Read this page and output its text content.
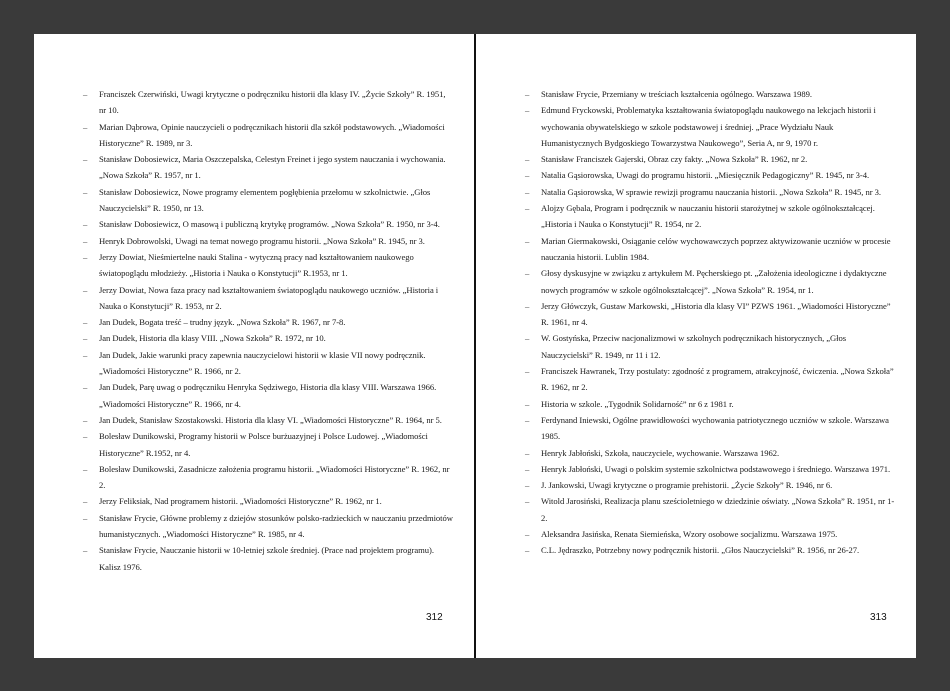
– Franciszek Czerwiński, Uwagi krytyczne o podręczniku historii dla klasy IV. „Życie Szkoły” R. 1951, nr 10.
– Marian Dąbrowa, Opinie nauczycieli o podręcznikach historii dla szkół podstawowych. „Wiadomości Historyczne” R. 1989, nr 3.
– Stanisław Dobosiewicz, Maria Oszczepalska, Celestyn Freinet i jego system nauczania i wychowania. „Nowa Szkoła” R. 1957, nr 1.
– Stanisław Dobosiewicz, Nowe programy elementem pogłębienia przełomu w szkolnictwie. „Głos Nauczycielski” R. 1950, nr 13.
– Stanisław Dobosiewicz, O masową i publiczną krytykę programów. „Nowa Szkoła” R. 1950, nr 3-4.
– Henryk Dobrowolski, Uwagi na temat nowego programu historii. „Nowa Szkoła” R. 1945, nr 3.
– Jerzy Dowiat, Nieśmiertelne nauki Stalina - wytyczną pracy nad kształtowaniem naukowego światopoglądu młodzieży. „Historia i Nauka o Konstytucji” R.1953, nr 1.
– Jerzy Dowiat, Nowa faza pracy nad kształtowaniem światopoglądu naukowego uczniów. „Historia i Nauka o Konstytucji” R. 1953, nr 2.
– Jan Dudek, Bogata treść – trudny język. „Nowa Szkoła” R. 1967, nr 7-8.
– Jan Dudek, Historia dla klasy VIII. „Nowa Szkoła” R. 1972, nr 10.
– Jan Dudek, Jakie warunki pracy zapewnia nauczycielowi historii w klasie VII nowy podręcznik. „Wiadomości Historyczne” R. 1966, nr 2.
– Jan Dudek, Parę uwag o podręczniku Henryka Sędziwego, Historia dla klasy VIII. Warszawa 1966. „Wiadomości Historyczne” R. 1966, nr 4.
– Jan Dudek, Stanisław Szostakowski. Historia dla klasy VI. „Wiadomości Historyczne” R. 1964, nr 5.
– Bolesław Dunikowski, Programy historii w Polsce burżuazyjnej i Polsce Ludowej. „Wiadomości Historyczne” R.1952, nr 4.
– Bolesław Dunikowski, Zasadnicze założenia programu historii. „Wiadomości Historyczne” R. 1962, nr 2.
– Jerzy Feliksiak, Nad programem historii. „Wiadomości Historyczne” R. 1962, nr 1.
– Stanisław Frycie, Główne problemy z dziejów stosunków polsko-radzieckich w nauczaniu przedmiotów humanistycznych. „Wiadomości Historyczne” R. 1985, nr 4.
– Stanisław Frycie, Nauczanie historii w 10-letniej szkole średniej. (Prace nad projektem programu). Kalisz 1976.
312
– Stanisław Frycie, Przemiany w treściach kształcenia ogólnego. Warszawa 1989.
– Edmund Fryckowski, Problematyka kształtowania światopoglądu naukowego na lekcjach historii i wychowania obywatelskiego w szkole podstawowej i średniej. „Prace Wydziału Nauk Humanistycznych Bydgoskiego Towarzystwa Naukowego”, Seria A, nr 9, 1970 r.
– Stanisław Franciszek Gajerski, Obraz czy fakty. „Nowa Szkoła” R. 1962, nr 2.
– Natalia Gąsiorowska, Uwagi do programu historii. „Miesięcznik Pedagogiczny” R. 1945, nr 3-4.
– Natalia Gąsiorowska, W sprawie rewizji programu nauczania historii. „Nowa Szkoła” R. 1945, nr 3.
– Alojzy Gębala, Program i podręcznik w nauczaniu historii starożytnej w szkole ogólnokształcącej. „Historia i Nauka o Konstytucji” R. 1954, nr 2.
– Marian Giermakowski, Osiąganie celów wychowawczych poprzez aktywizowanie uczniów w procesie nauczania historii. Lublin 1984.
– Głosy dyskusyjne w związku z artykułem M. Pęcherskiego pt. „Założenia ideologiczne i dydaktyczne nowych programów w szkole ogólnokształcącej”. „Nowa Szkoła” R. 1954, nr 1.
– Jerzy Główczyk, Gustaw Markowski, „Historia dla klasy VI” PZWS 1961. „Wiadomości Historyczne” R. 1961, nr 4.
– W. Gostyńska, Przeciw nacjonalizmowi w szkolnych podręcznikach historycznych, „Głos Nauczycielski” R. 1949, nr 11 i 12.
– Franciszek Hawranek, Trzy postulaty: zgodność z programem, atrakcyjność, ćwiczenia. „Nowa Szkoła” R. 1962, nr 2.
– Historia w szkole. „Tygodnik Solidarność” nr 6 z 1981 r.
– Ferdynand Iniewski, Ogólne prawidłowości wychowania patriotycznego uczniów w szkole. Warszawa 1985.
– Henryk Jabłoński, Szkoła, nauczyciele, wychowanie. Warszawa 1962.
– Henryk Jabłoński, Uwagi o polskim systemie szkolnictwa podstawowego i średniego. Warszawa 1971.
– J. Jankowski, Uwagi krytyczne o programie prehistorii. „Życie Szkoły” R. 1946, nr 6.
– Witold Jarosiński, Realizacja planu sześcioletniego w dziedzinie oświaty. „Nowa Szkoła” R. 1951, nr 1-2.
– Aleksandra Jasińska, Renata Siemieńska, Wzory osobowe socjalizmu. Warszawa 1975.
– C.L. Jędraszko, Potrzebny nowy podręcznik historii. „Głos Nauczycielski” R. 1956, nr 26-27.
313
